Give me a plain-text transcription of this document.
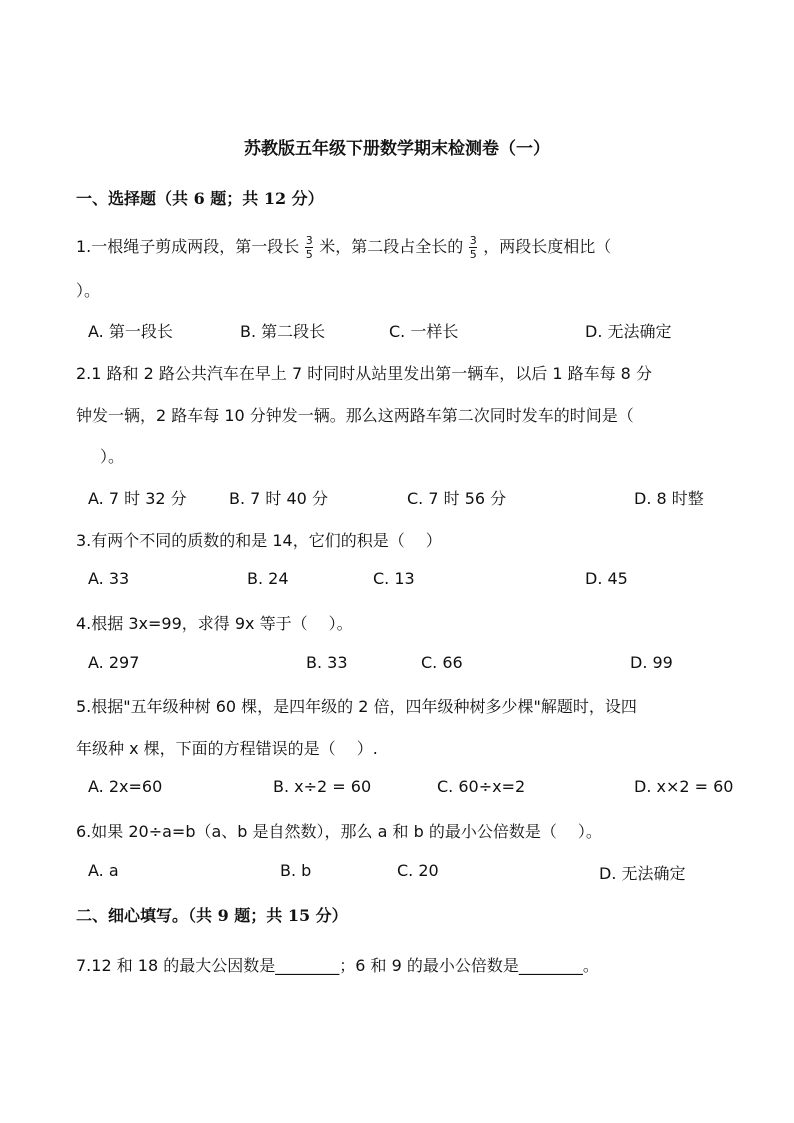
苏教版五年级下册数学期末检测卷（一）
一、选择题（共 6 题；共 12 分）
1.一根绳子剪成两段，第一段长 $\frac{3}{5}$ 米，第二段占全长的 $\frac{3}{5}$ ，两段长度相比（
）。
A. 第一段长	B. 第二段长	C. 一样长	D. 无法确定
2.1 路和 2 路公共汽车在早上 7 时同时从站里发出第一辆车，以后 1 路车每 8 分
钟发一辆，2 路车每 10 分钟发一辆。那么这两路车第二次同时发车的时间是（
）。
A. 7 时 32 分	B. 7 时 40 分	C. 7 时 56 分	D. 8 时整
3.有两个不同的质数的和是 14，它们的积是（　 ）
A. 33	B. 24	C. 13	D. 45
4.根据 3x=99，求得 9x 等于（　 ）。
A. 297	B. 33	C. 66	D. 99
5.根据"五年级种树 60 棵，是四年级的 2 倍，四年级种树多少棵"解题时，设四
年级种 x 棵，下面的方程错误的是（　 ）.
A. 2x=60	B. x÷2 = 60	C. 60÷x=2	D. x×2 = 60
6.如果 20÷a=b（a、b 是自然数），那么 a 和 b 的最小公倍数是（　 ）。
A. a	B. b	C. 20	D. 无法确定
二、细心填写。（共 9 题；共 15 分）
7.12 和 18 的最大公因数是________；6 和 9 的最小公倍数是________。
